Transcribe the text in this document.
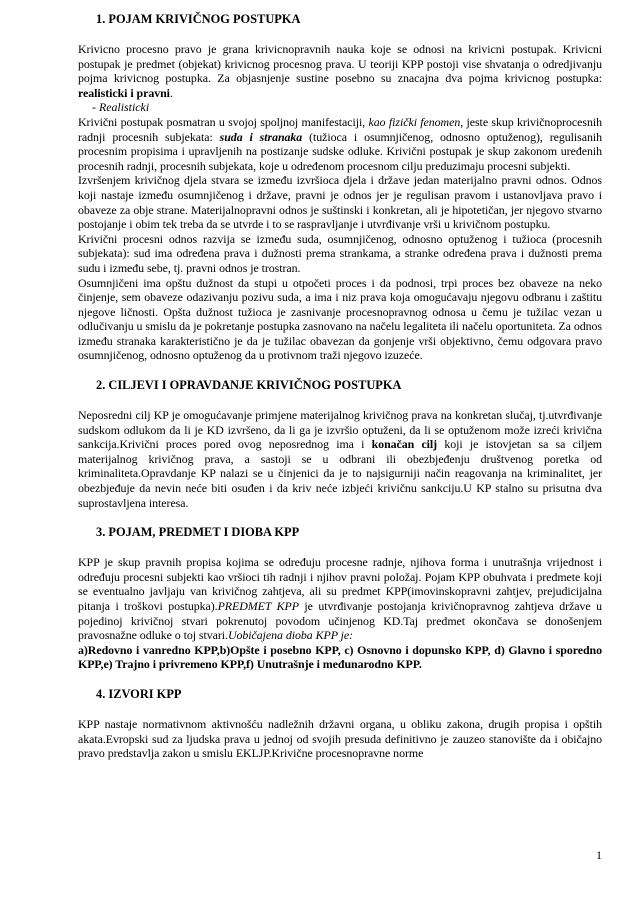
1. POJAM KRIVIČNOG POSTUPKA

Krivicno procesno pravo je grana krivicnopravnih nauka koje se odnosi na krivicni postupak. Krivicni postupak je predmet (objekat) krivicnog procesnog prava. U teoriji KPP postoji vise shvatanja o odredjivanju pojma krivicnog postupka. Za objasnjenje sustine posebno su znacajna dva pojma krivicnog postupka: realisticki i pravni.

- Realisticki

Krivični postupak posmatran u svojoj spoljnoj manifestaciji, kao fizički fenomen, jeste skup krivičnoprocesnih radnji procesnih subjekata: suda i stranaka (tužioca i osumnjičenog, odnosno optuženog), regulisanih procesnim propisima i upravljenih na postizanje sudske odluke. Krivični postupak je skup zakonom uređenih procesnih radnji, procesnih subjekata, koje u određenom procesnom cilju preduzimaju procesni subjekti.

Izvršenjem krivičnog djela stvara se između izvršioca djela i države jedan materijalno pravni odnos. Odnos koji nastaje između osumnjičenog i države, pravni je odnos jer je regulisan pravom i ustanovljava pravo i obaveze za obje strane. Materijalnopravni odnos je suštinski i konkretan, ali je hipotetičan, jer njegovo stvarno postojanje i obim tek treba da se utvrde i to se raspravljanje i utvrđivanje vrši u krivičnom postupku.

Krivični procesni odnos razvija se između suda, osumnjičenog, odnosno optuženog i tužioca (procesnih subjekata): sud ima određena prava i dužnosti prema strankama, a stranke određena prava i dužnosti prema sudu i između sebe, tj. pravni odnos je trostran.

Osumnjičeni ima opštu dužnost da stupi u otpočeti proces i da podnosi, trpi proces bez obaveze na neko činjenje, sem obaveze odazivanju pozivu suda, a ima i niz prava koja omogućavaju njegovu odbranu i zaštitu njegove ličnosti. Opšta dužnost tužioca je zasnivanje procesnopravnog odnosa u čemu je tužilac vezan u odlučivanju u smislu da je pokretanje postupka zasnovano na načelu legaliteta ili načelu oportuniteta. Za odnos između stranaka karakteristično je da je tužilac obavezan da gonjenje vrši objektivno, čemu odgovara pravo osumnjičenog, odnosno optuženog da u protivnom traži njegovo izuzeće.

2. CILJEVI I OPRAVDANJE KRIVIČNOG POSTUPKA

Neposredni cilj KP je omogućavanje primjene materijalnog krivičnog prava na konkretan slučaj, tj.utvrđivanje sudskom odlukom da li je KD izvršeno, da li ga je izvršio optuženi, da li se optuženom može izreći krivična sankcija.Krivični proces pored ovog neposrednog ima i konačan cilj koji je istovjetan sa sa ciljem materijalnog krivičnog prava, a sastoji se u odbrani ili obezbjeđenju društvenog poretka od kriminaliteta.Opravdanje KP nalazi se u činjenici da je to najsigurniji način reagovanja na kriminalitet, jer obezbjeđuje da nevin neće biti osuđen i da kriv neće izbjeći krivičnu sankciju.U KP stalno su prisutna dva suprostavljena interesa.

3. POJAM, PREDMET I DIOBA KPP

KPP je skup pravnih propisa kojima se određuju procesne radnje, njihova forma i unutrašnja vrijednost i određuju procesni subjekti kao vršioci tih radnji i njihov pravni položaj. Pojam KPP obuhvata i predmete koji se eventualno javljaju van krivičnog zahtjeva, ali su predmet KPP(imovinskopravni zahtjev, prejudicijalna pitanja i troškovi postupka).PREDMET KPP je utvrđivanje postojanja krivičnopravnog zahtjeva države u pojedinoj krivičnoj stvari pokrenutoj povodom učinjenog KD.Taj predmet okončava se donošenjem pravosnažne odluke o toj stvari.Uobičajena dioba KPP je:

a)Redovno i vanredno KPP,b)Opšte i posebno KPP, c) Osnovno i dopunsko KPP, d) Glavno i sporedno KPP,e) Trajno i privremeno KPP,f) Unutrašnje i međunarodno KPP.

4. IZVORI KPP

KPP nastaje normativnom aktivnošću nadležnih državni organa, u obliku zakona, drugih propisa i opštih akata.Evropski sud za ljudska prava u jednoj od svojih presuda definitivno je zauzeo stanovište da i običajno pravo predstavlja zakon u smislu EKLJP.Krivične procesnopravne norme

1
